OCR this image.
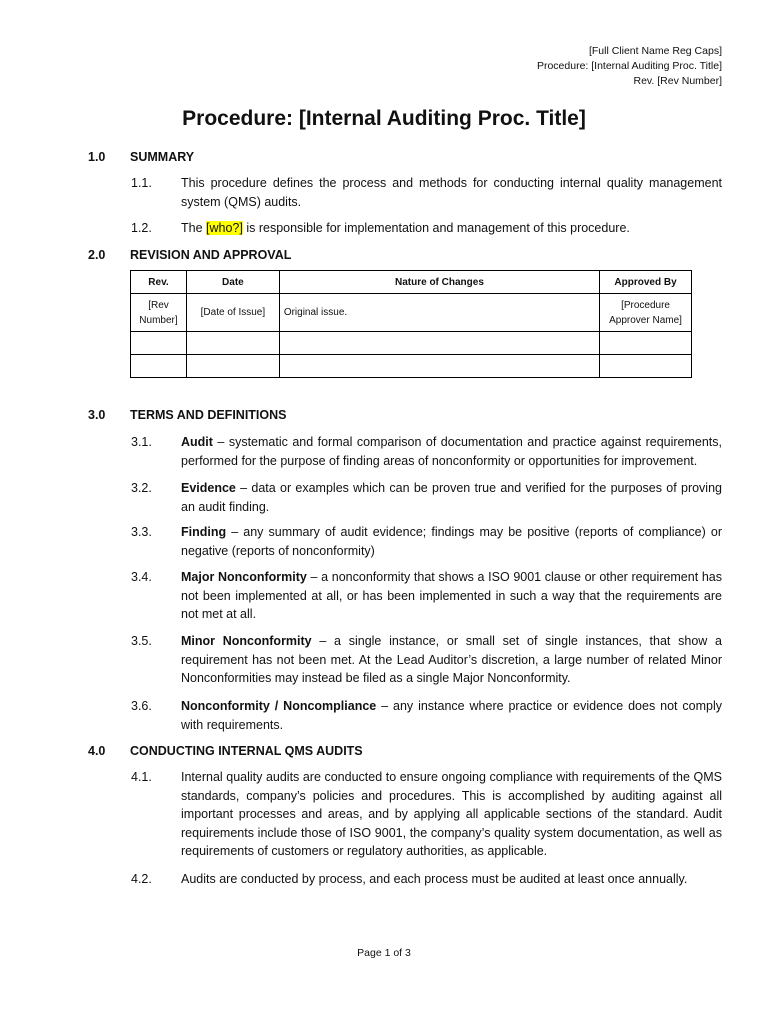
[Full Client Name Reg Caps]
Procedure: [Internal Auditing Proc. Title]
Rev. [Rev Number]
Procedure: [Internal Auditing Proc. Title]
1.0 SUMMARY
1.1. This procedure defines the process and methods for conducting internal quality management system (QMS) audits.
1.2. The [who?] is responsible for implementation and management of this procedure.
2.0 REVISION AND APPROVAL
Rev.	Date	Nature of Changes	Approved By
[Rev Number]	[Date of Issue]	Original issue.	[Procedure Approver Name]

3.0 TERMS AND DEFINITIONS
3.1. Audit – systematic and formal comparison of documentation and practice against requirements, performed for the purpose of finding areas of nonconformity or opportunities for improvement.
3.2. Evidence – data or examples which can be proven true and verified for the purposes of proving an audit finding.
3.3. Finding – any summary of audit evidence; findings may be positive (reports of compliance) or negative (reports of nonconformity)
3.4. Major Nonconformity – a nonconformity that shows a ISO 9001 clause or other requirement has not been implemented at all, or has been implemented in such a way that the requirements are not met at all.
3.5. Minor Nonconformity – a single instance, or small set of single instances, that show a requirement has not been met. At the Lead Auditor’s discretion, a large number of related Minor Nonconformities may instead be filed as a single Major Nonconformity.
3.6. Nonconformity / Noncompliance – any instance where practice or evidence does not comply with requirements.
4.0 CONDUCTING INTERNAL QMS AUDITS
4.1. Internal quality audits are conducted to ensure ongoing compliance with requirements of the QMS standards, company’s policies and procedures. This is accomplished by auditing against all important processes and areas, and by applying all applicable sections of the standard. Audit requirements include those of ISO 9001, the company’s quality system documentation, as well as requirements of customers or regulatory authorities, as applicable.
4.2. Audits are conducted by process, and each process must be audited at least once annually.
Page 1 of 3
